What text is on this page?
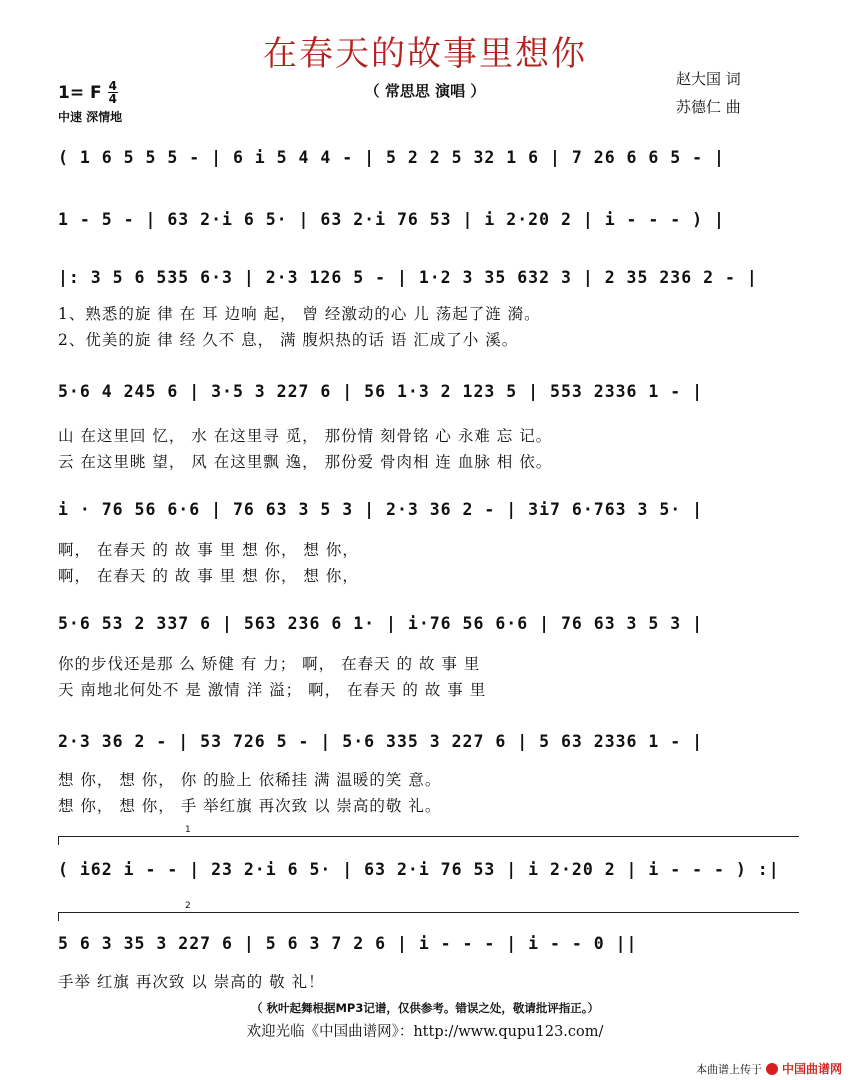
在春天的故事里想你
（ 常思思 演唱 ）
1= F $\frac{4}{4}$
中速 深情地
赵大国 词
苏德仁 曲
( 1 6 5 5 5 - | 6 i 5 4 4 - | 5 2 2 5 32 1 6 | 7 26 6 6 5 - |
1 - 5 - | 63 2·i 6 5· | 63 2·i 76 53 | i 2·20 2 | i - - - ) |
|: 3 5 6 535 6·3 | 2·3 126 5 - | 1·2 3 35 632 3 | 2 35 236 2 - |
1、熟悉的旋 律 在 耳 边响 起， 曾 经激动的心 儿 荡起了涟 漪。
2、优美的旋 律 经 久不 息， 满 腹炽热的话 语 汇成了小 溪。
5·6 4 245 6 | 3·5 3 227 6 | 56 1·3 2 123 5 | 553 2336 1 - |
山 在这里回 忆， 水 在这里寻 觅， 那份情 刻骨铭 心 永难 忘 记。
云 在这里眺 望， 风 在这里飘 逸， 那份爱 骨肉相 连 血脉 相 依。
i · 76 56 6·6 | 76 63 3 5 3 | 2·3 36 2 - | 3i7 6·763 3 5· |
啊， 在春天 的 故 事 里 想 你， 想 你，
啊， 在春天 的 故 事 里 想 你， 想 你，
5·6 53 2 337 6 | 563 236 6 1· | i·76 56 6·6 | 76 63 3 5 3 |
你的步伐还是那 么 矫健 有 力； 啊， 在春天 的 故 事 里
天 南地北何处不 是 激情 洋 溢； 啊， 在春天 的 故 事 里
2·3 36 2 - | 53 726 5 - | 5·6 335 3 227 6 | 5 63 2336 1 - |
想 你， 想 你， 你 的脸上 依稀挂 满 温暖的笑 意。
想 你， 想 你， 手 举红旗 再次致 以 崇高的敬 礼。
1
( i62 i - - | 23 2·i 6 5· | 63 2·i 76 53 | i 2·20 2 | i - - - ) :|
2
5 6 3 35 3 227 6 | 5 6 3 7 2 6 | i - - - | i - - 0 ||
手举 红旗 再次致 以 崇高的 敬 礼！
（ 秋叶起舞根据MP3记谱，仅供参考。错误之处，敬请批评指正。）
欢迎光临《中国曲谱网》：http://www.qupu123.com/
本曲谱上传于 中国曲谱网
